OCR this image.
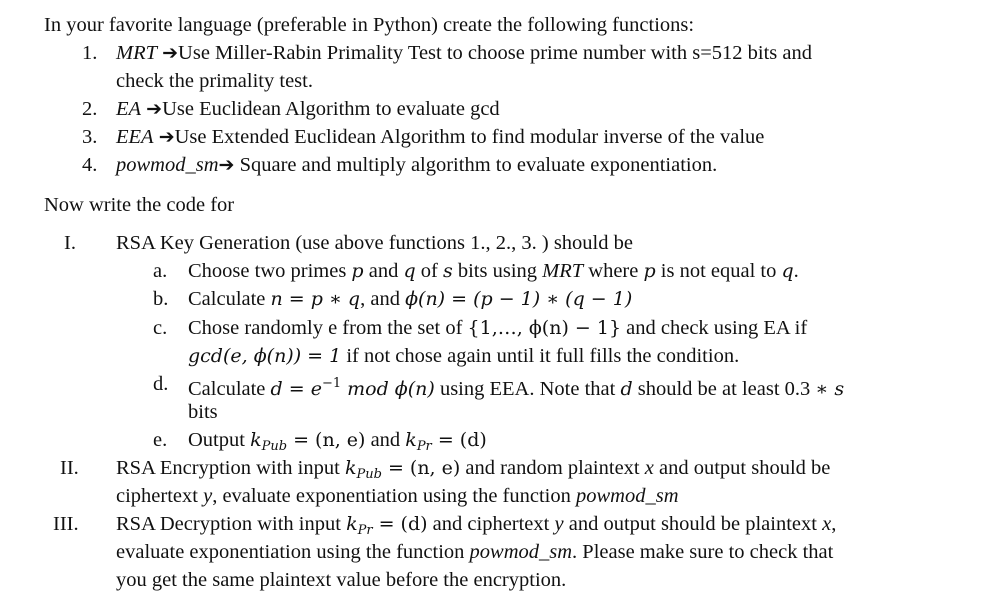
In your favorite language (preferable in Python) create the following functions:
1. MRT ➔Use Miller-Rabin Primality Test to choose prime number with s=512 bits and
check the primality test.
2. EA ➔Use Euclidean Algorithm to evaluate gcd
3. EEA ➔Use Extended Euclidean Algorithm to find modular inverse of the value
4. powmod_sm➔ Square and multiply algorithm to evaluate exponentiation.
Now write the code for
I. RSA Key Generation (use above functions 1., 2., 3. ) should be
a. Choose two primes p and q of s bits using MRT where p is not equal to q.
b. Calculate n = p ∗ q, and ϕ(n) = (p − 1) ∗ (q − 1)
c. Chose randomly e from the set of {1,…, ϕ(n) − 1} and check using EA if
gcd(e, ϕ(n)) = 1 if not chose again until it full fills the condition.
d. Calculate $d = e^{-1}$ mod ϕ(n) using EEA. Note that d should be at least 0.3 ∗ s
bits
e. Output $k_{Pub} = (n$, e) and $k_{Pr} = (d)$
II. RSA Encryption with input $k_{Pub} = (n$, e) and random plaintext x and output should be
ciphertext y, evaluate exponentiation using the function powmod_sm
III. RSA Decryption with input $k_{Pr} = (d)$ and ciphertext y and output should be plaintext x,
evaluate exponentiation using the function powmod_sm. Please make sure to check that
you get the same plaintext value before the encryption.
